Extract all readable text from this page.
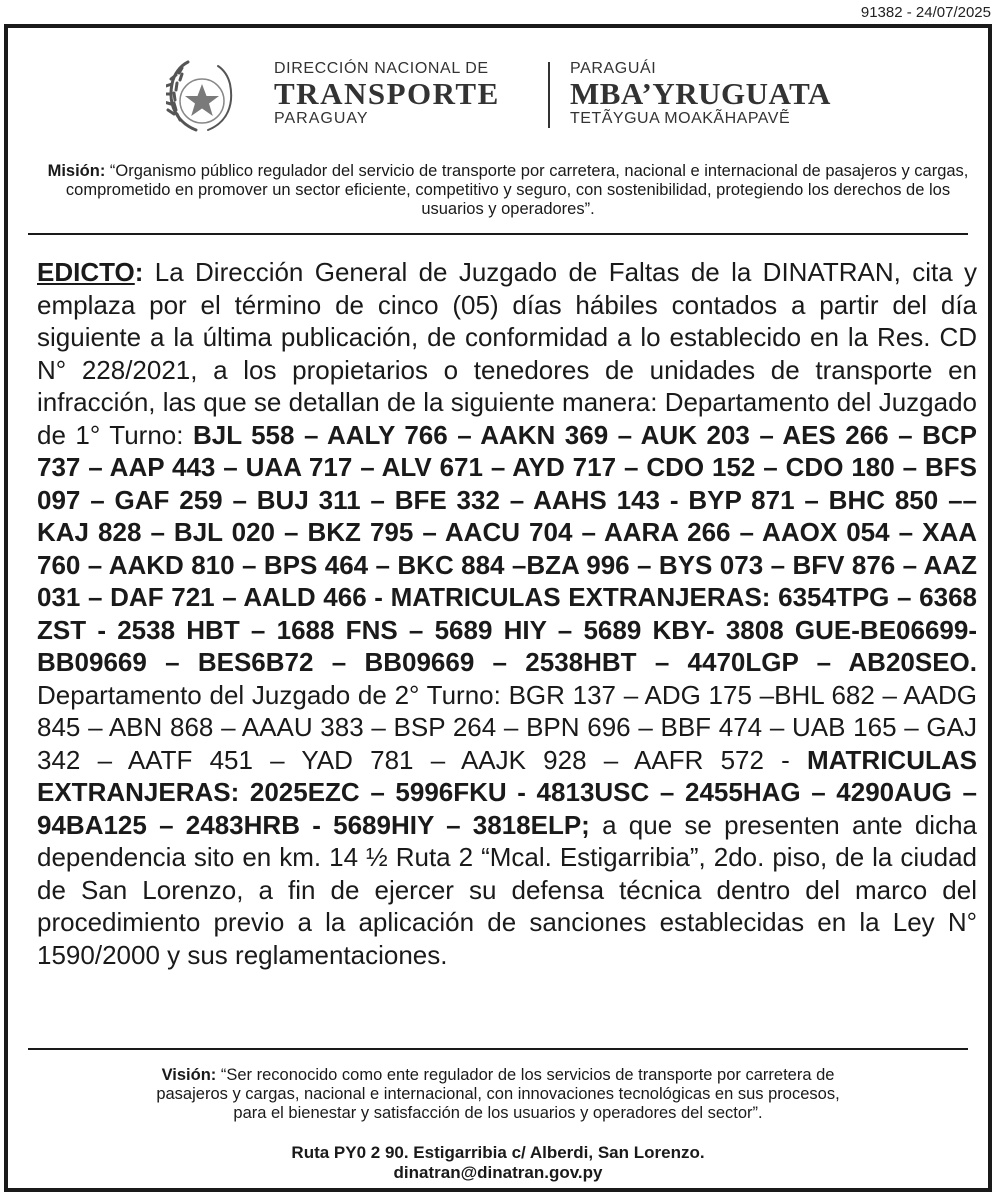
91382 - 24/07/2025
DIRECCIÓN NACIONAL DE
TRANSPORTE
PARAGUAY
PARAGUÁI
MBA’YRUGUATA
TETÃYGUA MOAKÃHAPAVẼ
Misión: “Organismo público regulador del servicio de transporte por carretera, nacional e internacional de pasajeros y cargas, comprometido en promover un sector eficiente, competitivo y seguro, con sostenibilidad, protegiendo los derechos de los usuarios y operadores”.
EDICTO: La Dirección General de Juzgado de Faltas de la DINATRAN, cita y emplaza por el término de cinco (05) días hábiles contados a partir del día siguiente a la última publicación, de conformidad a lo establecido en la Res. CD N° 228/2021, a los propietarios o tenedores de unidades de transporte en infracción, las que se detallan de la siguiente manera: Departamento del Juzgado de 1° Turno: BJL 558 – AALY 766 – AAKN 369 – AUK 203 – AES 266 – BCP 737 – AAP 443 – UAA 717 – ALV 671 – AYD 717 – CDO 152 – CDO 180 – BFS 097 – GAF 259 – BUJ 311 – BFE 332 – AAHS 143 - BYP 871 – BHC 850 –– KAJ 828 – BJL 020 – BKZ 795 – AACU 704 – AARA 266 – AAOX 054 – XAA 760 – AAKD 810 – BPS 464 – BKC 884 –BZA 996 – BYS 073 – BFV 876 – AAZ 031 – DAF 721 – AALD 466 - MATRICULAS EXTRANJERAS: 6354TPG – 6368 ZST - 2538 HBT – 1688 FNS – 5689 HIY – 5689 KBY- 3808 GUE-BE06699- BB09669 – BES6B72 – BB09669 – 2538HBT – 4470LGP – AB20SEO. Departamento del Juzgado de 2° Turno: BGR 137 – ADG 175 –BHL 682 – AADG 845 – ABN 868 – AAAU 383 – BSP 264 – BPN 696 – BBF 474 – UAB 165 – GAJ 342 – AATF 451 – YAD 781 – AAJK 928 – AAFR 572 - MATRICULAS EXTRANJERAS: 2025EZC – 5996FKU - 4813USC – 2455HAG – 4290AUG – 94BA125 – 2483HRB - 5689HIY – 3818ELP; a que se presenten ante dicha dependencia sito en km. 14 ½ Ruta 2 “Mcal. Estigarribia”, 2do. piso, de la ciudad de San Lorenzo, a fin de ejercer su defensa técnica dentro del marco del procedimiento previo a la aplicación de sanciones establecidas en la Ley N° 1590/2000 y sus reglamentaciones.
Visión: “Ser reconocido como ente regulador de los servicios de transporte por carretera de
pasajeros y cargas, nacional e internacional, con innovaciones tecnológicas en sus procesos,
para el bienestar y satisfacción de los usuarios y operadores del sector”.
Ruta PY0 2 90. Estigarribia c/ Alberdi, San Lorenzo.
dinatran@dinatran.gov.py
